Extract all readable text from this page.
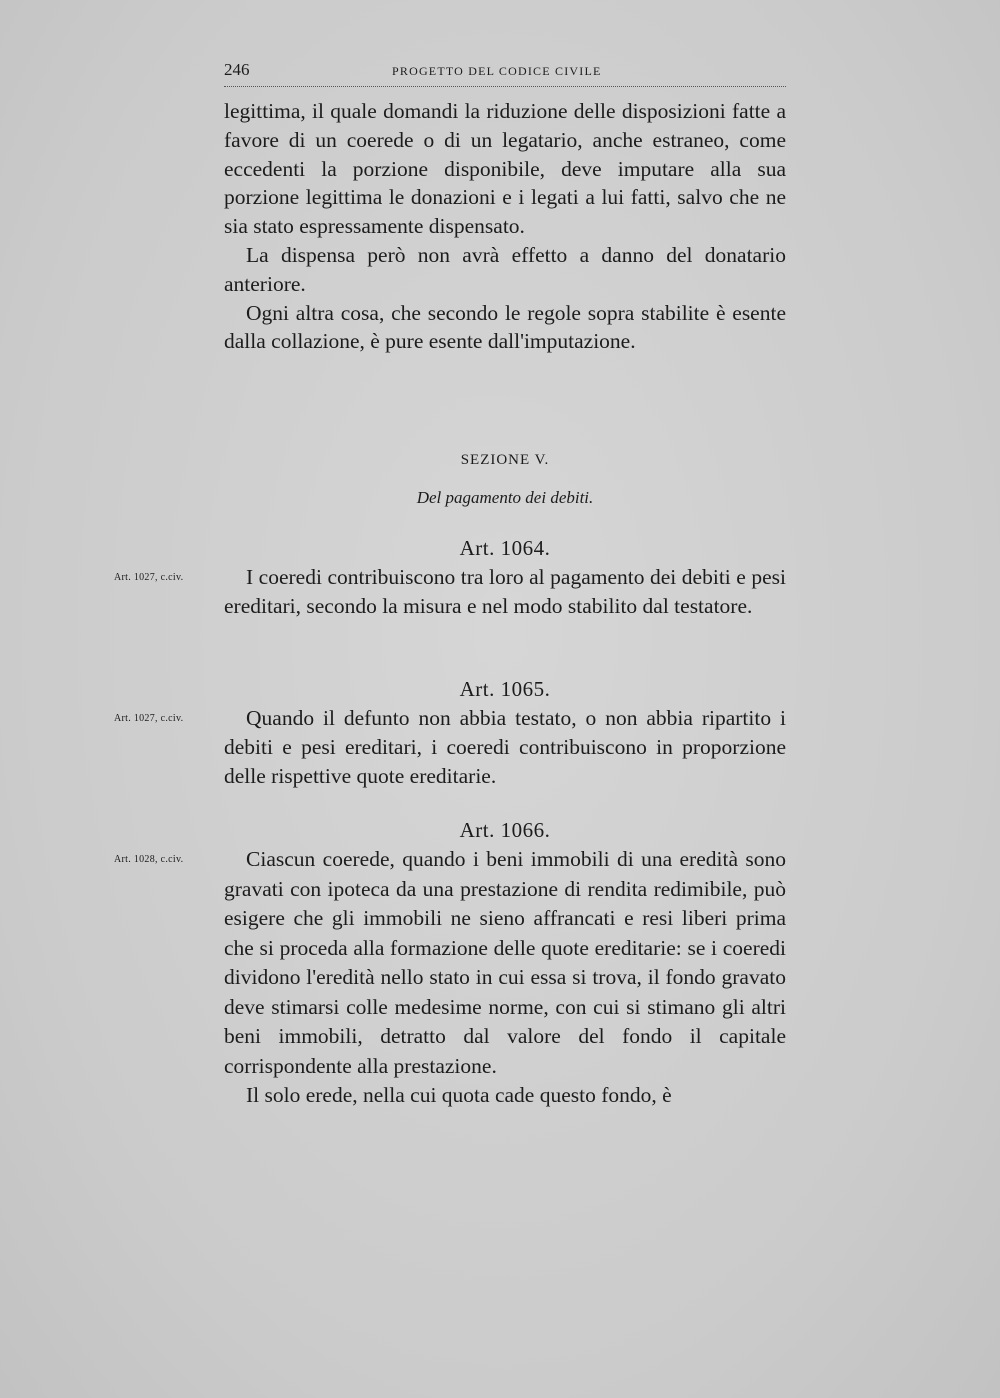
246	PROGETTO DEL CODICE CIVILE

legittima, il quale domandi la riduzione delle disposizioni fatte a favore di un coerede o di un legatario, anche estraneo, come eccedenti la porzione disponibile, deve imputare alla sua porzione legittima le donazioni e i legati a lui fatti, salvo che ne sia stato espressamente dispensato.

La dispensa però non avrà effetto a danno del donatario anteriore.

Ogni altra cosa, che secondo le regole sopra stabilite è esente dalla collazione, è pure esente dall'imputazione.

SEZIONE V.
Del pagamento dei debiti.
Art. 1064.
Art. 1027, c.civ.	I coeredi contribuiscono tra loro al pagamento dei debiti e pesi ereditari, secondo la misura e nel modo stabilito dal testatore.

Art. 1065.
Art. 1027, c.civ.	Quando il defunto non abbia testato, o non abbia ripartito i debiti e pesi ereditari, i coeredi contribuiscono in proporzione delle rispettive quote ereditarie.

Art. 1066.
Art. 1028, c.civ.	Ciascun coerede, quando i beni immobili di una eredità sono gravati con ipoteca da una prestazione di rendita redimibile, può esigere che gli immobili ne sieno affrancati e resi liberi prima che si proceda alla formazione delle quote ereditarie: se i coeredi dividono l'eredità nello stato in cui essa si trova, il fondo gravato deve stimarsi colle medesime norme, con cui si stimano gli altri beni immobili, detratto dal valore del fondo il capitale corrispondente alla prestazione.

Il solo erede, nella cui quota cade questo fondo, è
